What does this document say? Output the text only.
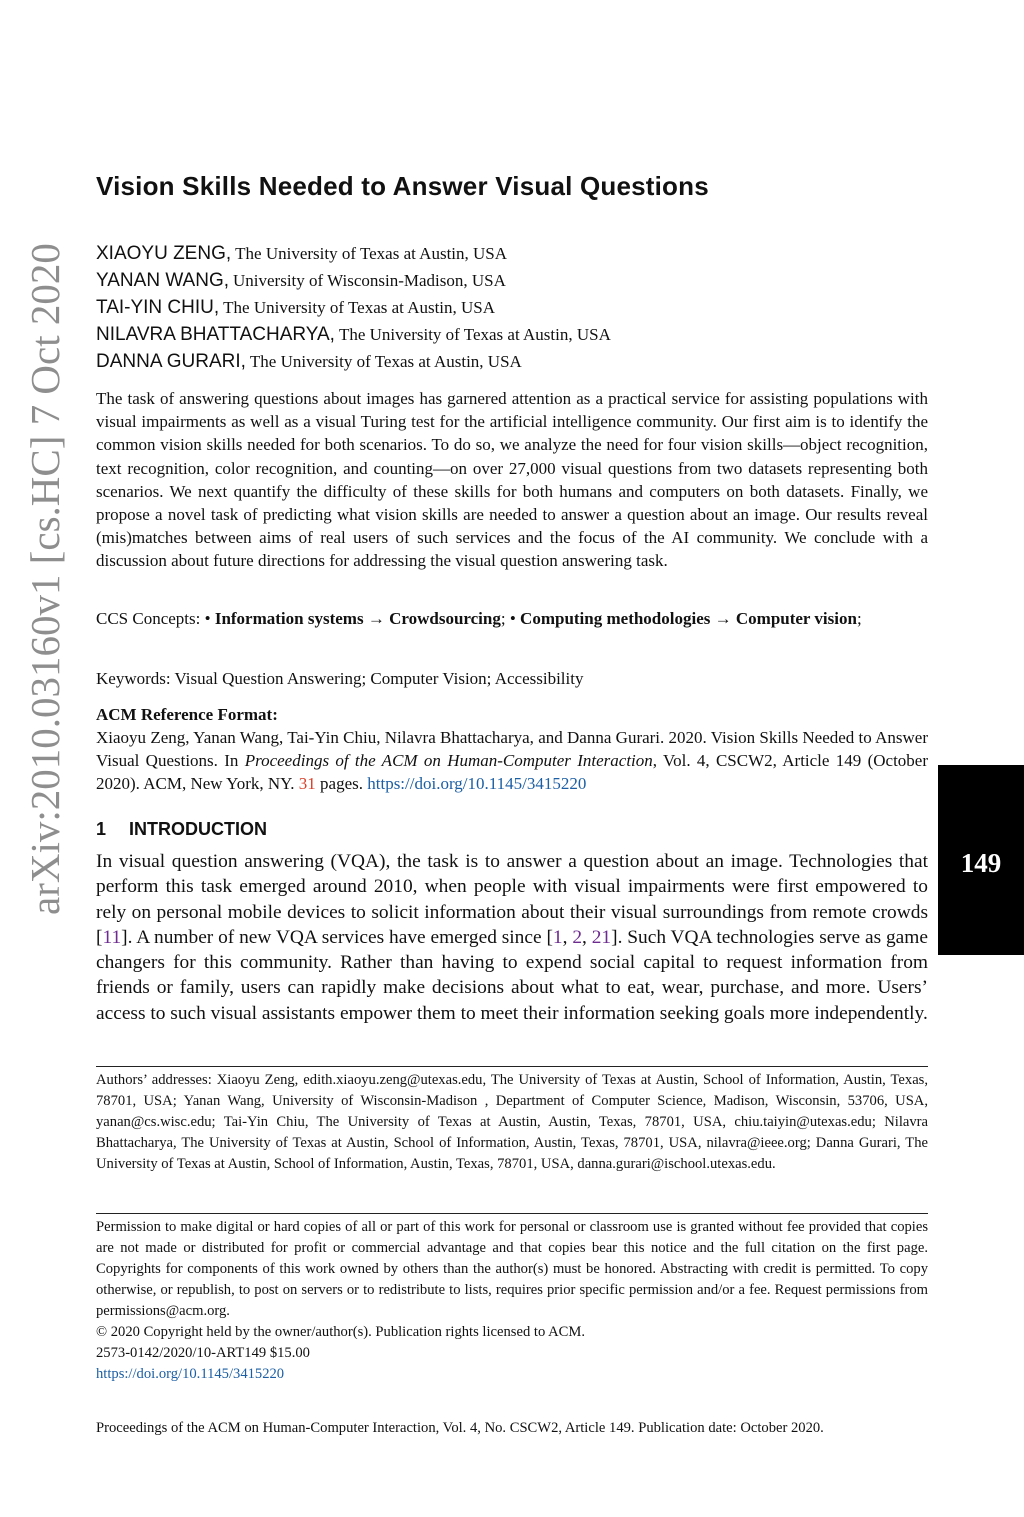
arXiv:2010.03160v1 [cs.HC] 7 Oct 2020
Vision Skills Needed to Answer Visual Questions
XIAOYU ZENG, The University of Texas at Austin, USA
YANAN WANG, University of Wisconsin-Madison, USA
TAI-YIN CHIU, The University of Texas at Austin, USA
NILAVRA BHATTACHARYA, The University of Texas at Austin, USA
DANNA GURARI, The University of Texas at Austin, USA
The task of answering questions about images has garnered attention as a practical service for assisting populations with visual impairments as well as a visual Turing test for the artificial intelligence community. Our first aim is to identify the common vision skills needed for both scenarios. To do so, we analyze the need for four vision skills—object recognition, text recognition, color recognition, and counting—on over 27,000 visual questions from two datasets representing both scenarios. We next quantify the difficulty of these skills for both humans and computers on both datasets. Finally, we propose a novel task of predicting what vision skills are needed to answer a question about an image. Our results reveal (mis)matches between aims of real users of such services and the focus of the AI community. We conclude with a discussion about future directions for addressing the visual question answering task.
CCS Concepts: • Information systems → Crowdsourcing; • Computing methodologies → Computer vision;
Keywords: Visual Question Answering; Computer Vision; Accessibility
ACM Reference Format:
Xiaoyu Zeng, Yanan Wang, Tai-Yin Chiu, Nilavra Bhattacharya, and Danna Gurari. 2020. Vision Skills Needed to Answer Visual Questions. In Proceedings of the ACM on Human-Computer Interaction, Vol. 4, CSCW2, Article 149 (October 2020). ACM, New York, NY. 31 pages. https://doi.org/10.1145/3415220
1 INTRODUCTION
In visual question answering (VQA), the task is to answer a question about an image. Technologies that perform this task emerged around 2010, when people with visual impairments were first empowered to rely on personal mobile devices to solicit information about their visual surroundings from remote crowds [11]. A number of new VQA services have emerged since [1, 2, 21]. Such VQA technologies serve as game changers for this community. Rather than having to expend social capital to request information from friends or family, users can rapidly make decisions about what to eat, wear, purchase, and more. Users’ access to such visual assistants empower them to meet their information seeking goals more independently.
Authors’ addresses: Xiaoyu Zeng, edith.xiaoyu.zeng@utexas.edu, The University of Texas at Austin, School of Information, Austin, Texas, 78701, USA; Yanan Wang, University of Wisconsin-Madison , Department of Computer Science, Madison, Wisconsin, 53706, USA, yanan@cs.wisc.edu; Tai-Yin Chiu, The University of Texas at Austin, Austin, Texas, 78701, USA, chiu.taiyin@utexas.edu; Nilavra Bhattacharya, The University of Texas at Austin, School of Information, Austin, Texas, 78701, USA, nilavra@ieee.org; Danna Gurari, The University of Texas at Austin, School of Information, Austin, Texas, 78701, USA, danna.gurari@ischool.utexas.edu.
Permission to make digital or hard copies of all or part of this work for personal or classroom use is granted without fee provided that copies are not made or distributed for profit or commercial advantage and that copies bear this notice and the full citation on the first page. Copyrights for components of this work owned by others than the author(s) must be honored. Abstracting with credit is permitted. To copy otherwise, or republish, to post on servers or to redistribute to lists, requires prior specific permission and/or a fee. Request permissions from permissions@acm.org.
© 2020 Copyright held by the owner/author(s). Publication rights licensed to ACM.
2573-0142/2020/10-ART149 $15.00
https://doi.org/10.1145/3415220
Proceedings of the ACM on Human-Computer Interaction, Vol. 4, No. CSCW2, Article 149. Publication date: October 2020.
149
